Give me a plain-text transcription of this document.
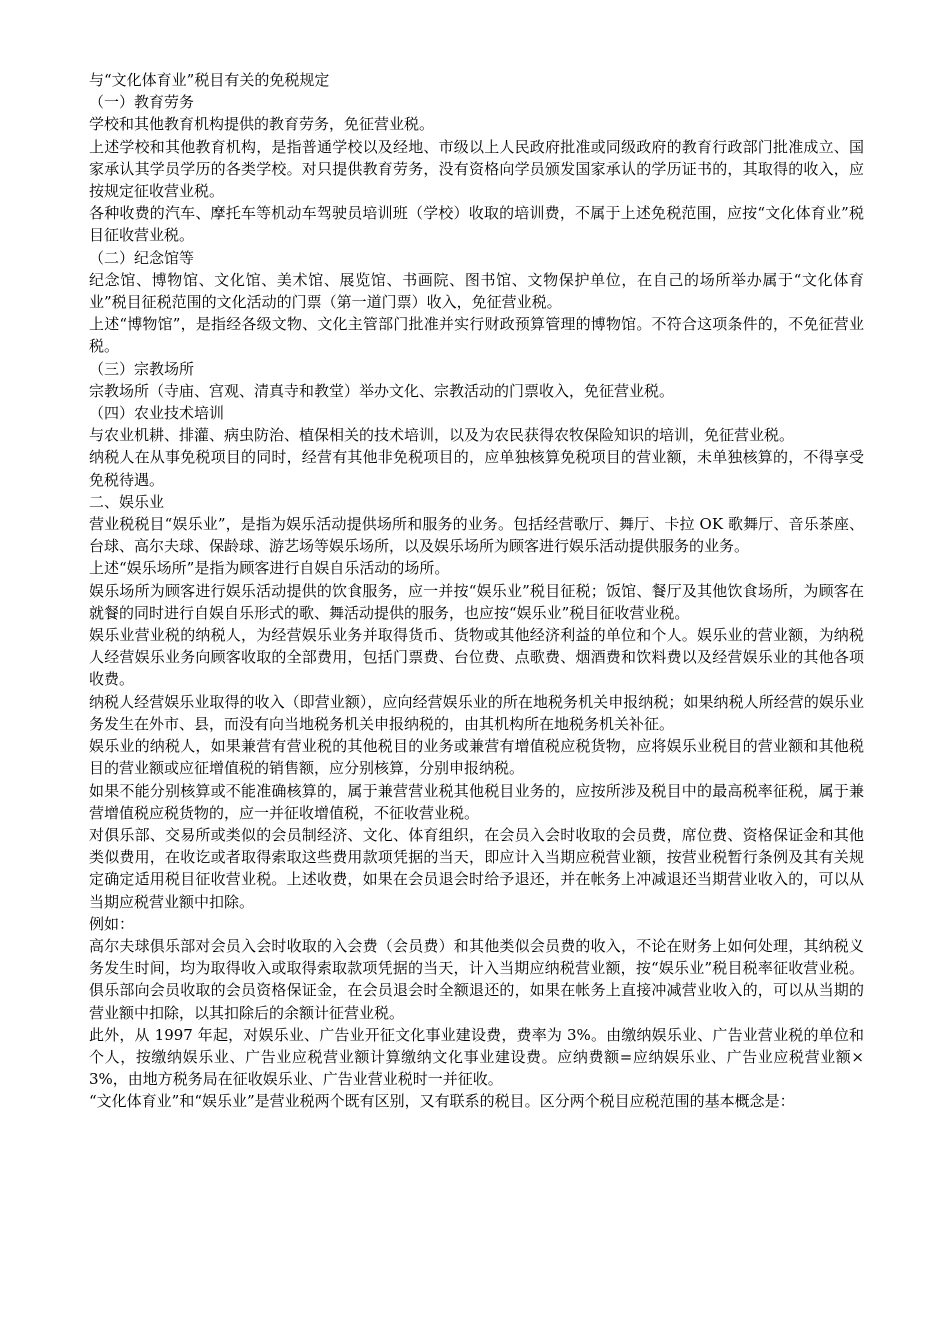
与“文化体育业”税目有关的免税规定

（一）教育劳务

学校和其他教育机构提供的教育劳务，免征营业税。

上述学校和其他教育机构，是指普通学校以及经地、市级以上人民政府批准或同级政府的教育行政部门批准成立、国家承认其学员学历的各类学校。对只提供教育劳务，没有资格向学员颁发国家承认的学历证书的，其取得的收入，应按规定征收营业税。

各种收费的汽车、摩托车等机动车驾驶员培训班（学校）收取的培训费，不属于上述免税范围，应按“文化体育业”税目征收营业税。

（二）纪念馆等

纪念馆、博物馆、文化馆、美术馆、展览馆、书画院、图书馆、文物保护单位，在自己的场所举办属于“文化体育业”税目征税范围的文化活动的门票（第一道门票）收入，免征营业税。

上述“博物馆”，是指经各级文物、文化主管部门批准并实行财政预算管理的博物馆。不符合这项条件的，不免征营业税。

（三）宗教场所

宗教场所（寺庙、宫观、清真寺和教堂）举办文化、宗教活动的门票收入，免征营业税。

（四）农业技术培训

与农业机耕、排灌、病虫防治、植保相关的技术培训，以及为农民获得农牧保险知识的培训，免征营业税。

纳税人在从事免税项目的同时，经营有其他非免税项目的，应单独核算免税项目的营业额，未单独核算的，不得享受免税待遇。

二、娱乐业

营业税税目“娱乐业”，是指为娱乐活动提供场所和服务的业务。包括经营歌厅、舞厅、卡拉 OK 歌舞厅、音乐茶座、台球、高尔夫球、保龄球、游艺场等娱乐场所，以及娱乐场所为顾客进行娱乐活动提供服务的业务。

上述“娱乐场所”是指为顾客进行自娱自乐活动的场所。

娱乐场所为顾客进行娱乐活动提供的饮食服务，应一并按“娱乐业”税目征税；饭馆、餐厅及其他饮食场所，为顾客在就餐的同时进行自娱自乐形式的歌、舞活动提供的服务，也应按“娱乐业”税目征收营业税。

娱乐业营业税的纳税人，为经营娱乐业务并取得货币、货物或其他经济利益的单位和个人。娱乐业的营业额，为纳税人经营娱乐业务向顾客收取的全部费用，包括门票费、台位费、点歌费、烟酒费和饮料费以及经营娱乐业的其他各项收费。

纳税人经营娱乐业取得的收入（即营业额），应向经营娱乐业的所在地税务机关申报纳税；如果纳税人所经营的娱乐业务发生在外市、县，而没有向当地税务机关申报纳税的，由其机构所在地税务机关补征。

娱乐业的纳税人，如果兼营有营业税的其他税目的业务或兼营有增值税应税货物，应将娱乐业税目的营业额和其他税目的营业额或应征增值税的销售额，应分别核算，分别申报纳税。

如果不能分别核算或不能准确核算的，属于兼营营业税其他税目业务的，应按所涉及税目中的最高税率征税，属于兼营增值税应税货物的，应一并征收增值税，不征收营业税。

对俱乐部、交易所或类似的会员制经济、文化、体育组织，在会员入会时收取的会员费，席位费、资格保证金和其他类似费用，在收讫或者取得索取这些费用款项凭据的当天，即应计入当期应税营业额，按营业税暂行条例及其有关规定确定适用税目征收营业税。上述收费，如果在会员退会时给予退还，并在帐务上冲减退还当期营业收入的，可以从当期应税营业额中扣除。

例如：

高尔夫球俱乐部对会员入会时收取的入会费（会员费）和其他类似会员费的收入，不论在财务上如何处理，其纳税义务发生时间，均为取得收入或取得索取款项凭据的当天，计入当期应纳税营业额，按“娱乐业”税目税率征收营业税。俱乐部向会员收取的会员资格保证金，在会员退会时全额退还的，如果在帐务上直接冲减营业收入的，可以从当期的营业额中扣除，以其扣除后的余额计征营业税。

此外，从 1997 年起，对娱乐业、广告业开征文化事业建设费，费率为 3%。由缴纳娱乐业、广告业营业税的单位和个人，按缴纳娱乐业、广告业应税营业额计算缴纳文化事业建设费。应纳费额=应纳娱乐业、广告业应税营业额× 3%，由地方税务局在征收娱乐业、广告业营业税时一并征收。

“文化体育业”和“娱乐业”是营业税两个既有区别，又有联系的税目。区分两个税目应税范围的基本概念是：
